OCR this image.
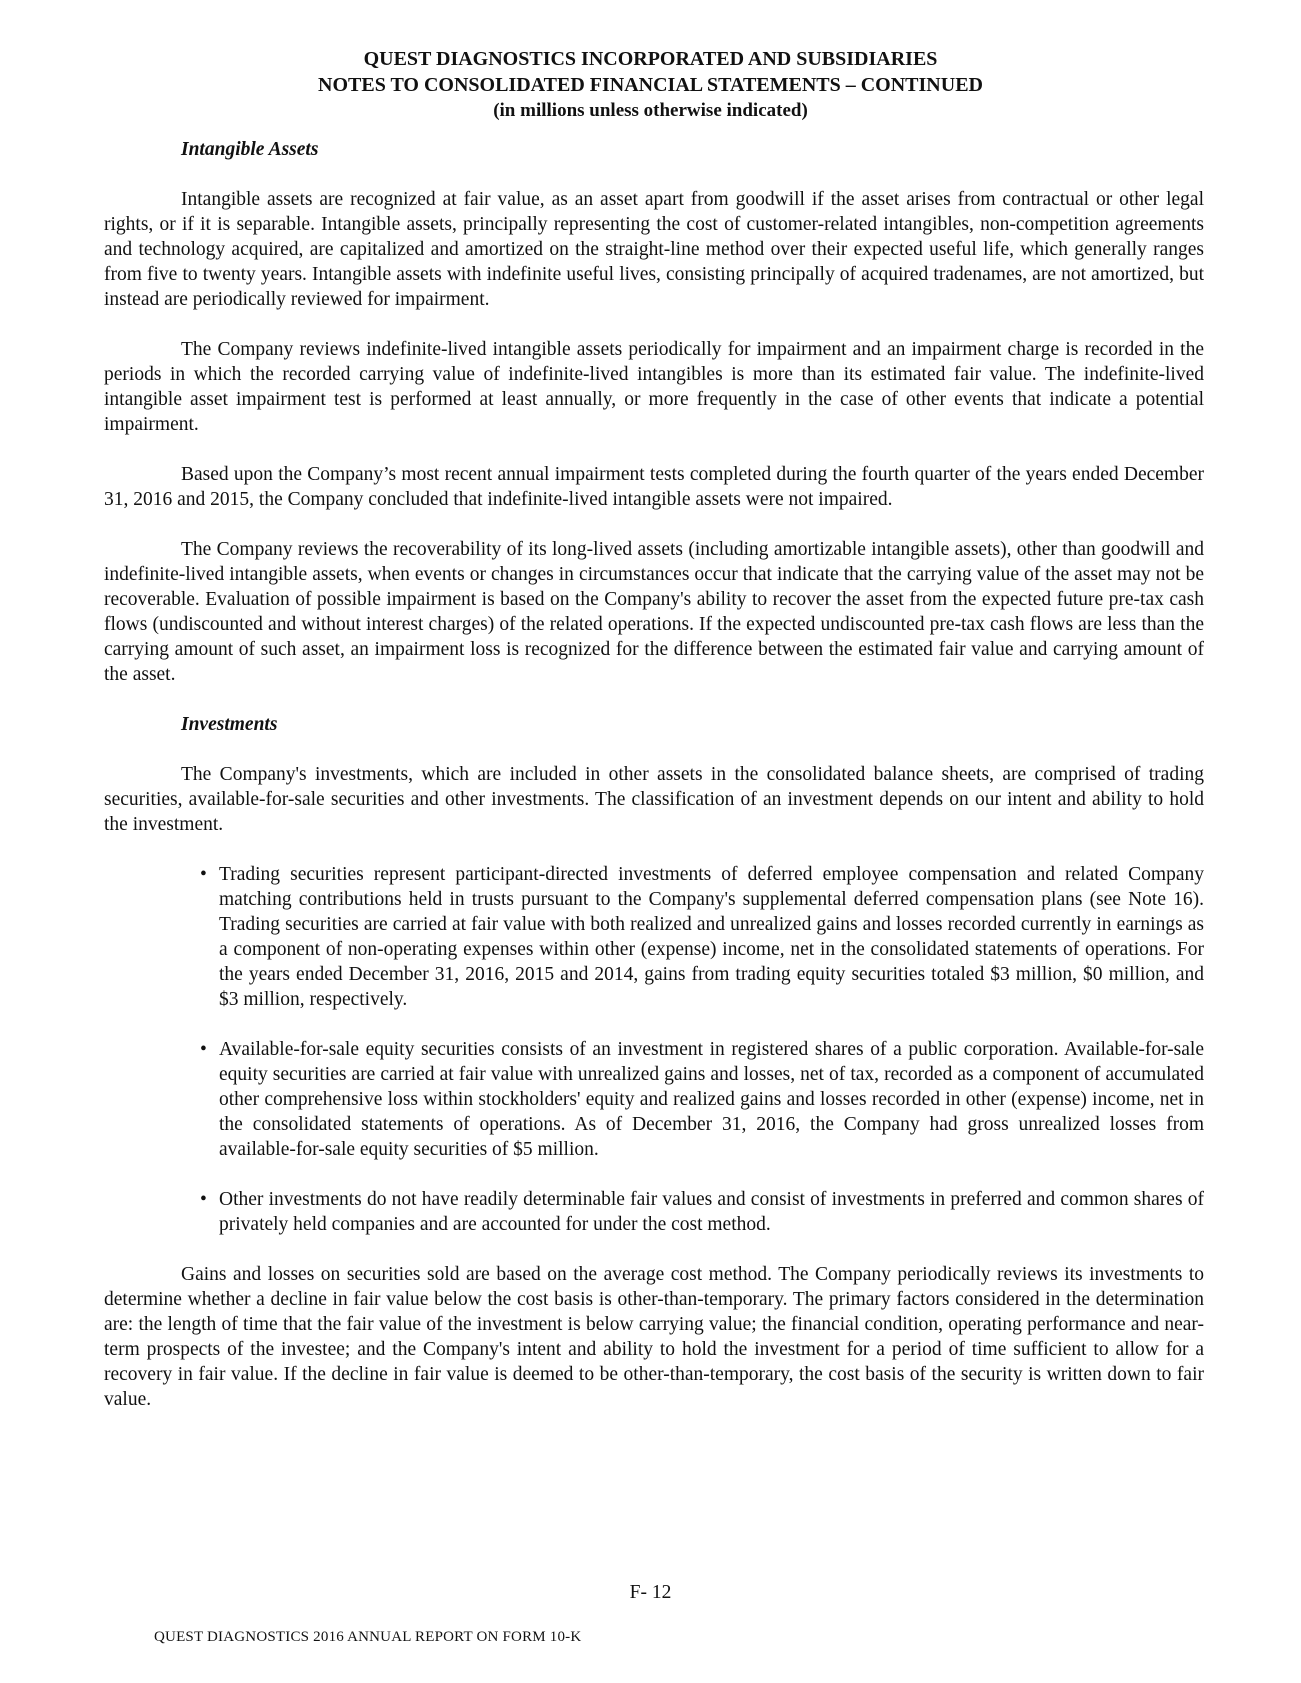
QUEST DIAGNOSTICS INCORPORATED AND SUBSIDIARIES
NOTES TO CONSOLIDATED FINANCIAL STATEMENTS – CONTINUED
(in millions unless otherwise indicated)
Intangible Assets

Intangible assets are recognized at fair value, as an asset apart from goodwill if the asset arises from contractual or other legal rights, or if it is separable. Intangible assets, principally representing the cost of customer-related intangibles, non-competition agreements and technology acquired, are capitalized and amortized on the straight-line method over their expected useful life, which generally ranges from five to twenty years. Intangible assets with indefinite useful lives, consisting principally of acquired tradenames, are not amortized, but instead are periodically reviewed for impairment.

The Company reviews indefinite-lived intangible assets periodically for impairment and an impairment charge is recorded in the periods in which the recorded carrying value of indefinite-lived intangibles is more than its estimated fair value. The indefinite-lived intangible asset impairment test is performed at least annually, or more frequently in the case of other events that indicate a potential impairment.

Based upon the Company’s most recent annual impairment tests completed during the fourth quarter of the years ended December 31, 2016 and 2015, the Company concluded that indefinite-lived intangible assets were not impaired.

The Company reviews the recoverability of its long-lived assets (including amortizable intangible assets), other than goodwill and indefinite-lived intangible assets, when events or changes in circumstances occur that indicate that the carrying value of the asset may not be recoverable. Evaluation of possible impairment is based on the Company's ability to recover the asset from the expected future pre-tax cash flows (undiscounted and without interest charges) of the related operations. If the expected undiscounted pre-tax cash flows are less than the carrying amount of such asset, an impairment loss is recognized for the difference between the estimated fair value and carrying amount of the asset.

Investments

The Company's investments, which are included in other assets in the consolidated balance sheets, are comprised of trading securities, available-for-sale securities and other investments. The classification of an investment depends on our intent and ability to hold the investment.

• Trading securities represent participant-directed investments of deferred employee compensation and related Company matching contributions held in trusts pursuant to the Company's supplemental deferred compensation plans (see Note 16). Trading securities are carried at fair value with both realized and unrealized gains and losses recorded currently in earnings as a component of non-operating expenses within other (expense) income, net in the consolidated statements of operations. For the years ended December 31, 2016, 2015 and 2014, gains from trading equity securities totaled $3 million, $0 million, and $3 million, respectively.
• Available-for-sale equity securities consists of an investment in registered shares of a public corporation. Available-for-sale equity securities are carried at fair value with unrealized gains and losses, net of tax, recorded as a component of accumulated other comprehensive loss within stockholders' equity and realized gains and losses recorded in other (expense) income, net in the consolidated statements of operations. As of December 31, 2016, the Company had gross unrealized losses from available-for-sale equity securities of $5 million.
• Other investments do not have readily determinable fair values and consist of investments in preferred and common shares of privately held companies and are accounted for under the cost method.

Gains and losses on securities sold are based on the average cost method. The Company periodically reviews its investments to determine whether a decline in fair value below the cost basis is other-than-temporary. The primary factors considered in the determination are: the length of time that the fair value of the investment is below carrying value; the financial condition, operating performance and near-term prospects of the investee; and the Company's intent and ability to hold the investment for a period of time sufficient to allow for a recovery in fair value. If the decline in fair value is deemed to be other-than-temporary, the cost basis of the security is written down to fair value.

F- 12
QUEST DIAGNOSTICS 2016 ANNUAL REPORT ON FORM 10-K
